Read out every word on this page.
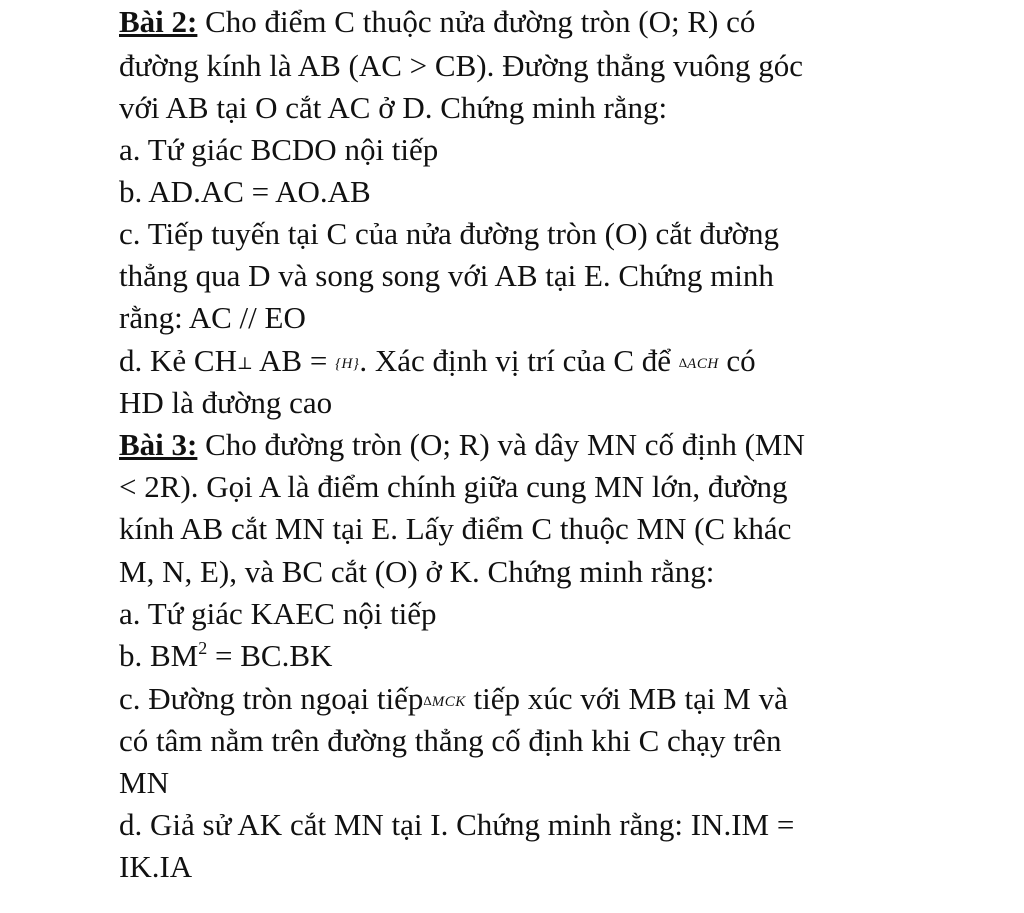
Bài 2: Cho điểm C thuộc nửa đường tròn (O; R) có
đường kính là AB (AC > CB). Đường thẳng vuông góc
với AB tại O cắt AC ở D. Chứng minh rằng:
a. Tứ giác BCDO nội tiếp
b. AD.AC = AO.AB
c. Tiếp tuyến tại C của nửa đường tròn (O) cắt đường
thẳng qua D và song song với AB tại E. Chứng minh
rằng: AC // EO
d. Kẻ CH⊥ AB = {H}. Xác định vị trí của C để ΔACH có
HD là đường cao
Bài 3: Cho đường tròn (O; R) và dây MN cố định (MN
< 2R). Gọi A là điểm chính giữa cung MN lớn, đường
kính AB cắt MN tại E. Lấy điểm C thuộc MN (C khác
M, N, E), và BC cắt (O) ở K. Chứng minh rằng:
a. Tứ giác KAEC nội tiếp
b. $BM^2 = BC.BK$
c. Đường tròn ngoại tiếpΔMCK tiếp xúc với MB tại M và
có tâm nằm trên đường thẳng cố định khi C chạy trên
MN
d. Giả sử AK cắt MN tại I. Chứng minh rằng: IN.IM =
IK.IA
